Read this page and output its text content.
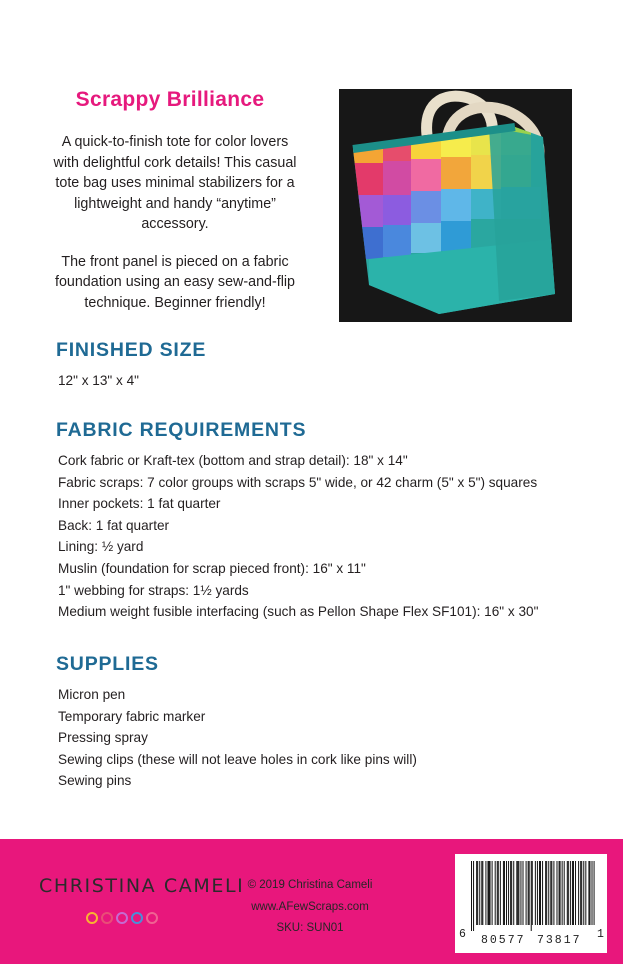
Scrappy Brilliance

A quick-to-finish tote for color lovers with delightful cork details! This casual tote bag uses minimal stabilizers for a lightweight and handy “anytime” accessory.

The front panel is pieced on a fabric foundation using an easy sew-and-flip technique. Beginner friendly!

FINISHED SIZE
12" x 13" x 4"
FABRIC REQUIREMENTS
Cork fabric or Kraft-tex (bottom and strap detail): 18" x 14"
Fabric scraps: 7 color groups with scraps 5" wide, or 42 charm (5" x 5") squares
Inner pockets: 1 fat quarter
Back: 1 fat quarter
Lining: ½ yard
Muslin (foundation for scrap pieced front): 16" x 11"
1" webbing for straps: 1½ yards
Medium weight fusible interfacing (such as Pellon Shape Flex SF101): 16" x 30"
SUPPLIES
Micron pen
Temporary fabric marker
Pressing spray
Sewing clips (these will not leave holes in cork like pins will)
Sewing pins
CHRISTINA CAMELI © 2019 Christina Cameli
www.AFewScraps.com
SKU: SUN01	6 80577 73817 1
